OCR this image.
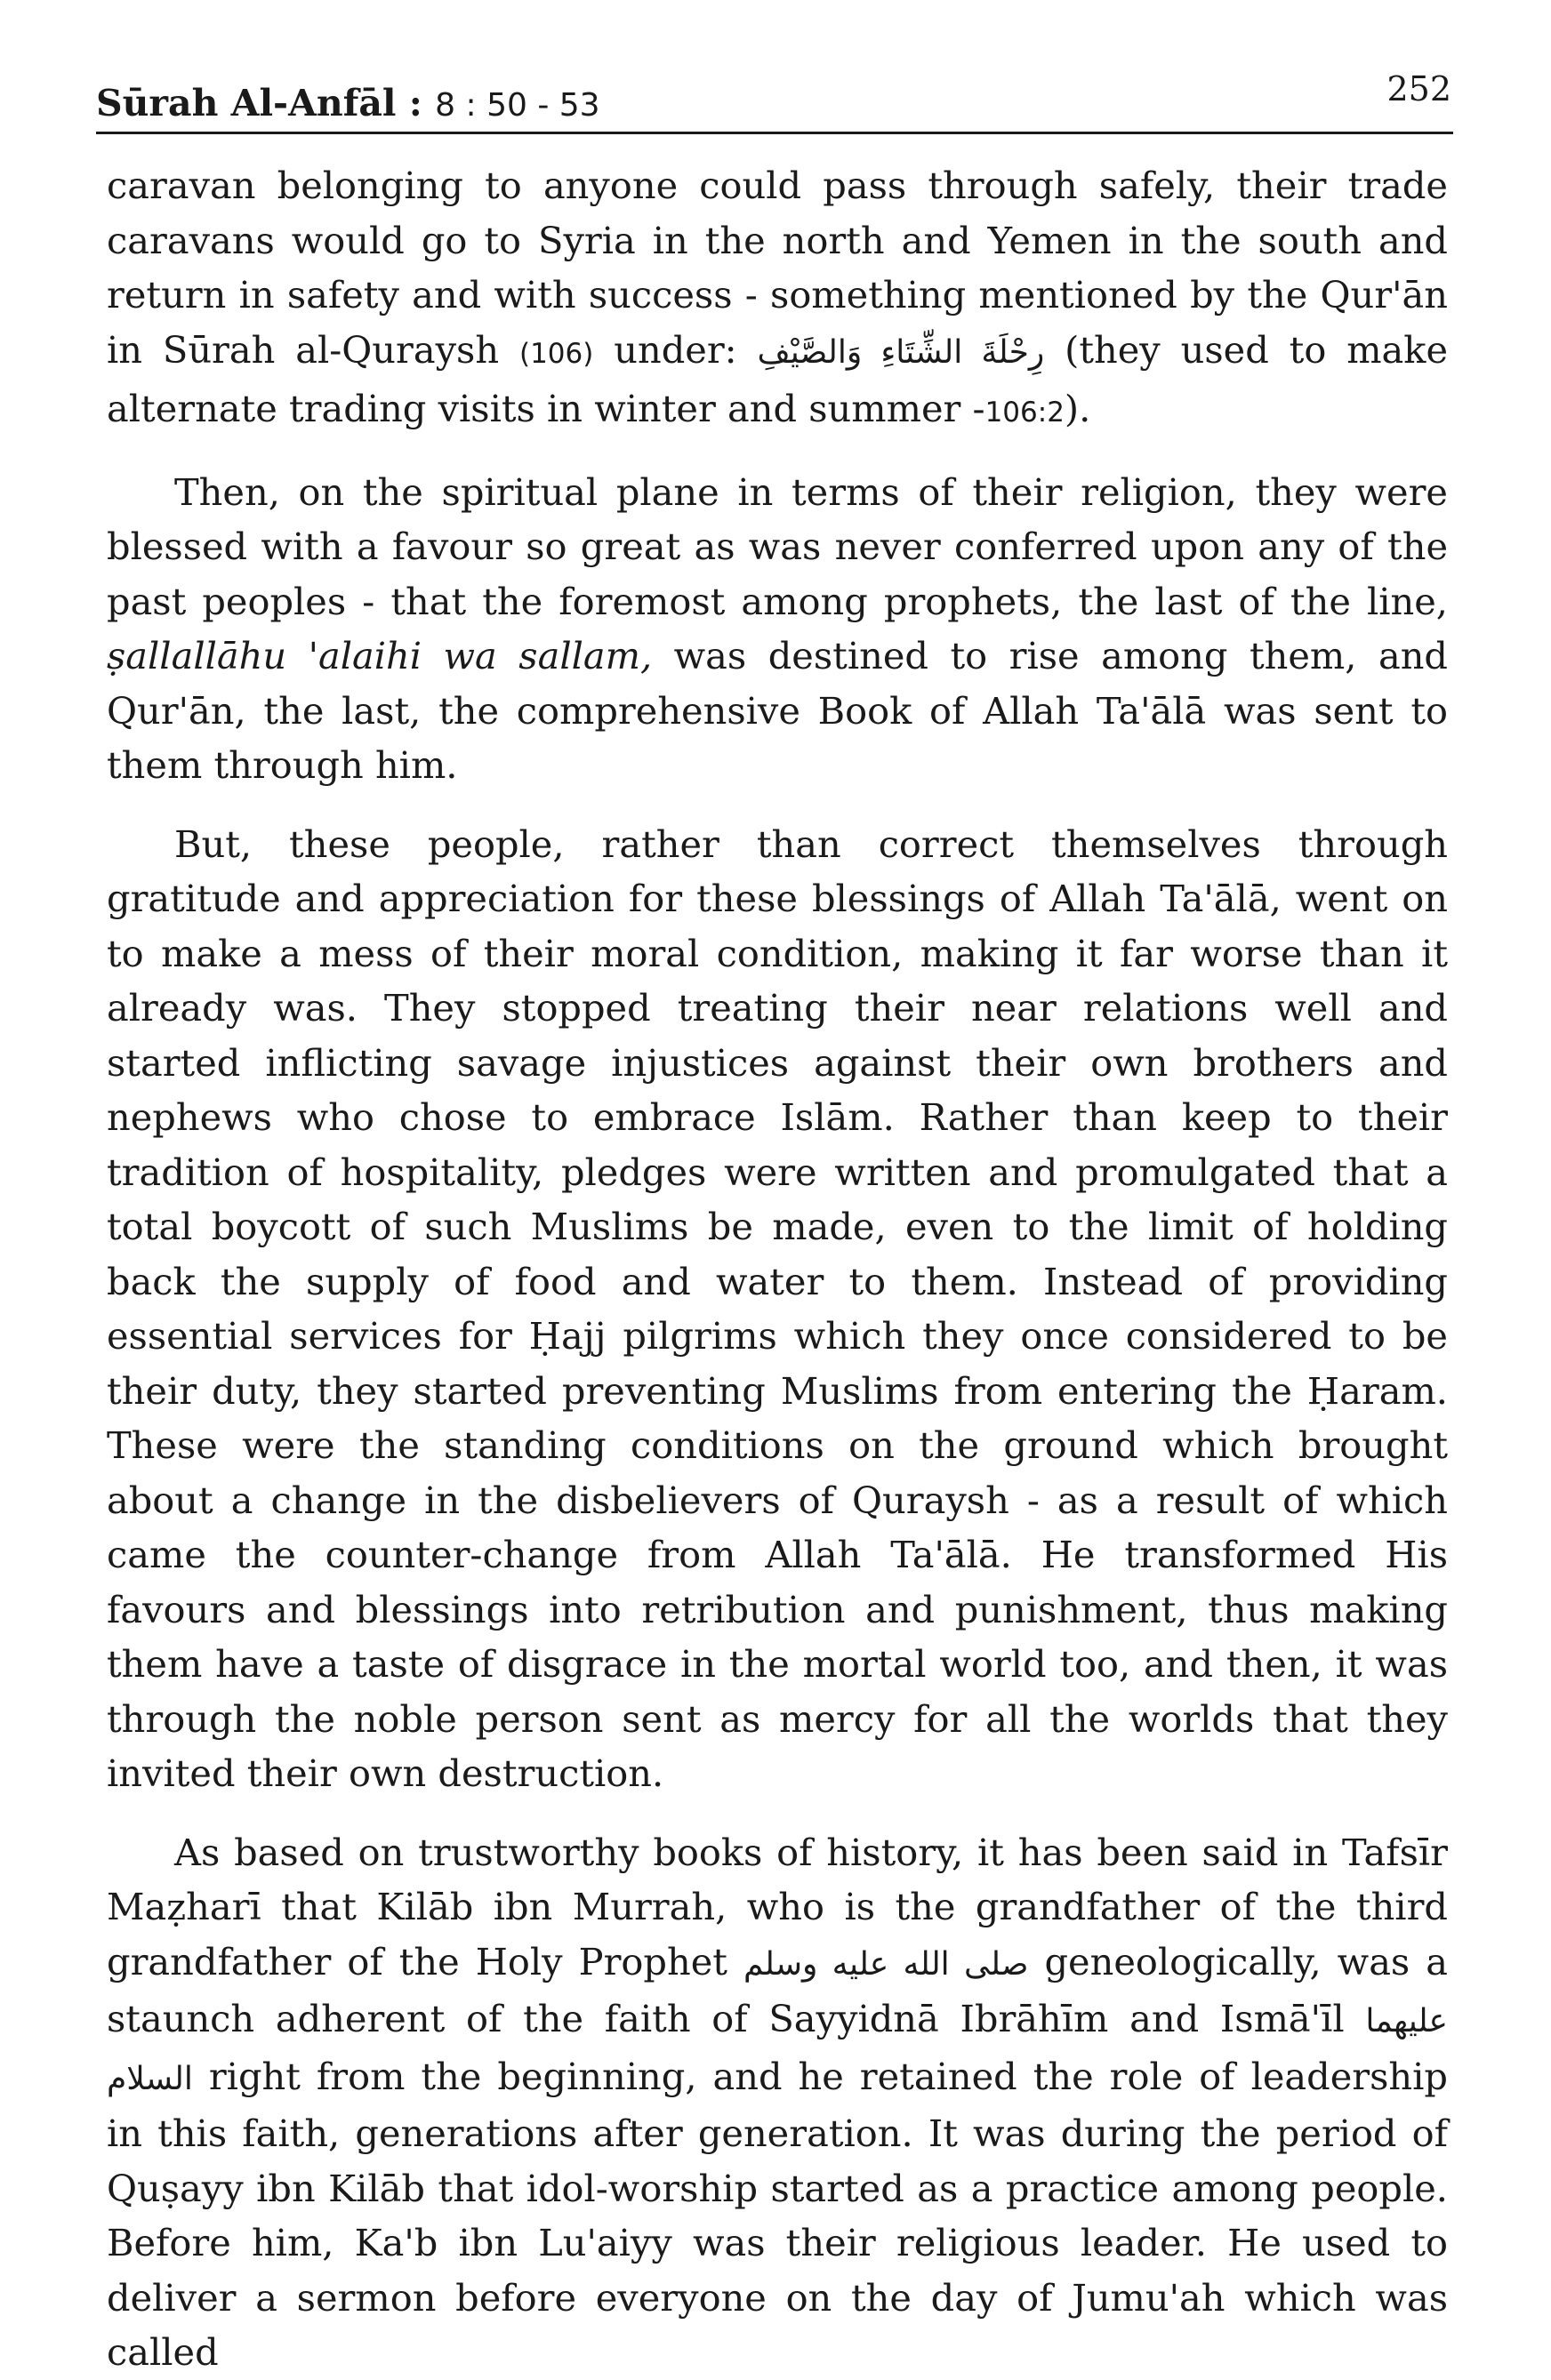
Sūrah Al-Anfāl : 8 : 50 - 53	252

caravan belonging to anyone could pass through safely, their trade caravans would go to Syria in the north and Yemen in the south and return in safety and with success - something mentioned by the Qur'ān in Sūrah al-Quraysh (106) under: رِحْلَةَ الشِّتَاءِ وَالصَّيْفِ (they used to make alternate trading visits in winter and summer -106:2).

Then, on the spiritual plane in terms of their religion, they were blessed with a favour so great as was never conferred upon any of the past peoples - that the foremost among prophets, the last of the line, ṣallallāhu 'alaihi wa sallam, was destined to rise among them, and Qur'ān, the last, the comprehensive Book of Allah Ta'ālā was sent to them through him.

But, these people, rather than correct themselves through gratitude and appreciation for these blessings of Allah Ta'ālā, went on to make a mess of their moral condition, making it far worse than it already was. They stopped treating their near relations well and started inflicting savage injustices against their own brothers and nephews who chose to embrace Islām. Rather than keep to their tradition of hospitality, pledges were written and promulgated that a total boycott of such Muslims be made, even to the limit of holding back the supply of food and water to them. Instead of providing essential services for Ḥajj pilgrims which they once considered to be their duty, they started preventing Muslims from entering the Ḥaram. These were the standing conditions on the ground which brought about a change in the disbelievers of Quraysh - as a result of which came the counter-change from Allah Ta'ālā. He transformed His favours and blessings into retribution and punishment, thus making them have a taste of disgrace in the mortal world too, and then, it was through the noble person sent as mercy for all the worlds that they invited their own destruction.

As based on trustworthy books of history, it has been said in Tafsīr Maẓharī that Kilāb ibn Murrah, who is the grandfather of the third grandfather of the Holy Prophet صلى الله عليه وسلم geneologically, was a staunch adherent of the faith of Sayyidnā Ibrāhīm and Ismā'īl عليهما السلام right from the beginning, and he retained the role of leadership in this faith, generations after generation. It was during the period of Quṣayy ibn Kilāb that idol-worship started as a practice among people. Before him, Ka'b ibn Lu'aiyy was their religious leader. He used to deliver a sermon before everyone on the day of Jumu'ah which was called
